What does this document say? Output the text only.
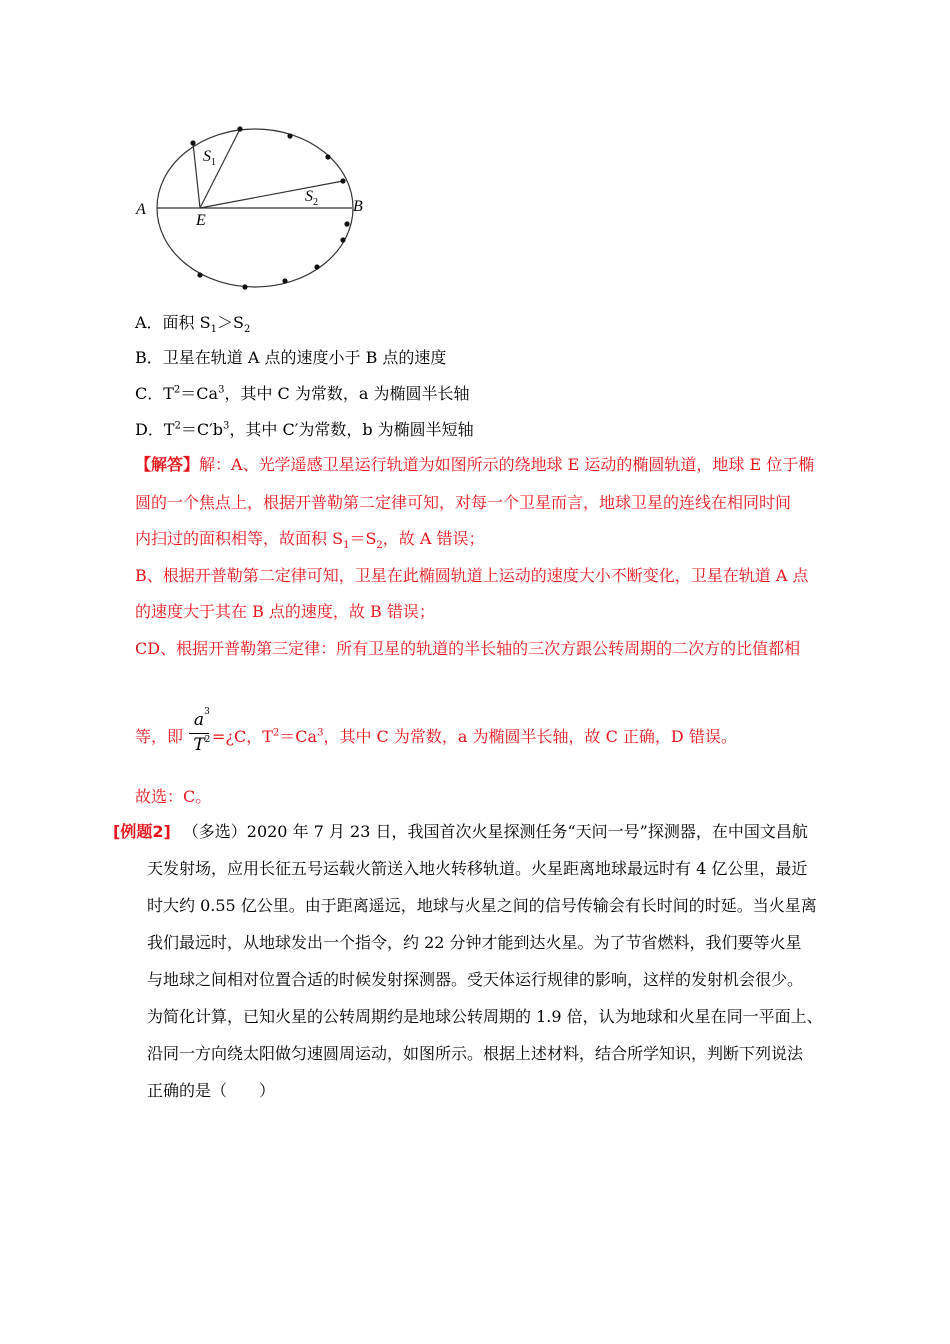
A	B
E
$S_1$
$S_2$
A．面积 $S_1>S_2$
B．卫星在轨道 A 点的速度小于 B 点的速度
C．$T^2=Ca^3$，其中 C 为常数，a 为椭圆半长轴
D．$T^2=C'b^3$，其中 C′为常数，b 为椭圆半短轴
【解答】解：A、光学遥感卫星运行轨道为如图所示的绕地球 E 运动的椭圆轨道，地球 E 位于椭
圆的一个焦点上，根据开普勒第二定律可知，对每一个卫星而言，地球卫星的连线在相同时间
内扫过的面积相等，故面积 $S_1=S_2$，故 A 错误；
B、根据开普勒第二定律可知，卫星在此椭圆轨道上运动的速度大小不断变化，卫星在轨道 A 点
的速度大于其在 B 点的速度，故 B 错误；
CD、根据开普勒第三定律：所有卫星的轨道的半长轴的三次方跟公转周期的二次方的比值都相
等，即
a 3
T 2 =¿C，$T^2=Ca^3$，其中 C 为常数，a 为椭圆半长轴，故 C 正确，D 错误。
故选：C。
[例题2] （多选）2020 年 7 月 23 日，我国首次火星探测任务“天问一号”探测器，在中国文昌航
天发射场，应用长征五号运载火箭送入地火转移轨道。火星距离地球最远时有 4 亿公里，最近
时大约 0.55 亿公里。由于距离遥远，地球与火星之间的信号传输会有长时间的时延。当火星离
我们最远时，从地球发出一个指令，约 22 分钟才能到达火星。为了节省燃料，我们要等火星
与地球之间相对位置合适的时候发射探测器。受天体运行规律的影响，这样的发射机会很少。
为简化计算，已知火星的公转周期约是地球公转周期的 1.9 倍，认为地球和火星在同一平面上、
沿同一方向绕太阳做匀速圆周运动，如图所示。根据上述材料，结合所学知识，判断下列说法
正确的是（　　）
